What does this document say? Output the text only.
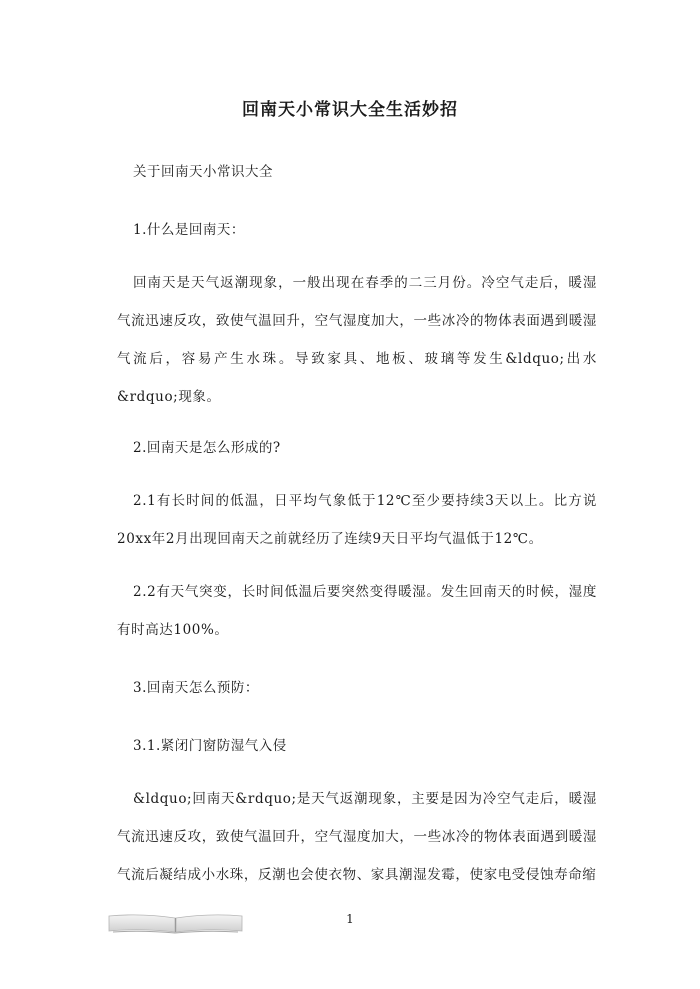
回南天小常识大全生活妙招
关于回南天小常识大全
1.什么是回南天：
回南天是天气返潮现象，一般出现在春季的二三月份。冷空气走后，暖湿气流迅速反攻，致使气温回升，空气湿度加大，一些冰冷的物体表面遇到暖湿气流后，容易产生水珠。导致家具、地板、玻璃等发生&ldquo;出水&rdquo;现象。
2.回南天是怎么形成的?
2.1有长时间的低温，日平均气象低于12℃至少要持续3天以上。比方说20xx年2月出现回南天之前就经历了连续9天日平均气温低于12℃。
2.2有天气突变，长时间低温后要突然变得暖湿。发生回南天的时候，湿度有时高达100%。
3.回南天怎么预防：
3.1.紧闭门窗防湿气入侵
&ldquo;回南天&rdquo;是天气返潮现象，主要是因为冷空气走后，暖湿气流迅速反攻，致使气温回升，空气湿度加大，一些冰冷的物体表面遇到暖湿气流后凝结成小水珠，反潮也会使衣物、家具潮湿发霉，使家电受侵蚀寿命缩
1
